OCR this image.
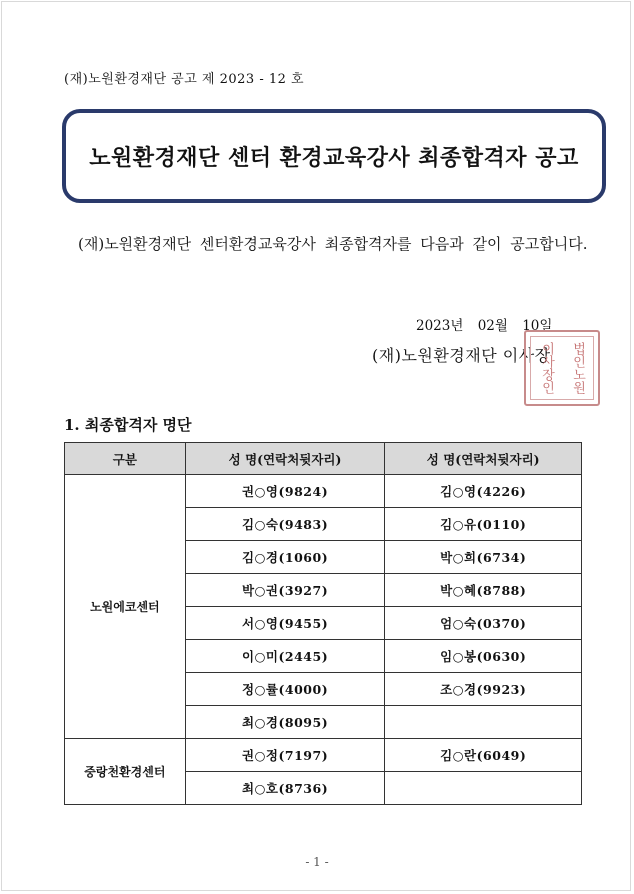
(재)노원환경재단 공고 제 2023 - 12 호
노원환경재단 센터 환경교육강사 최종합격자 공고
(재)노원환경재단 센터환경교육강사 최종합격자를 다음과 같이 공고합니다.
2023년 02월 10일
(재)노원환경재단 이사장
이사장인 법인노원
1. 최종합격자 명단
구분	성 명(연락처뒷자리)	성 명(연락처뒷자리)
노원에코센터	권○영(9824)	김○영(4226)
	김○숙(9483)	김○유(0110)
	김○경(1060)	박○희(6734)
	박○권(3927)	박○혜(8788)
	서○영(9455)	엄○숙(0370)
	이○미(2445)	임○봉(0630)
	정○률(4000)	조○경(9923)
	최○경(8095)	
중랑천환경센터	권○정(7197)	김○란(6049)
	최○호(8736)	
- 1 -
